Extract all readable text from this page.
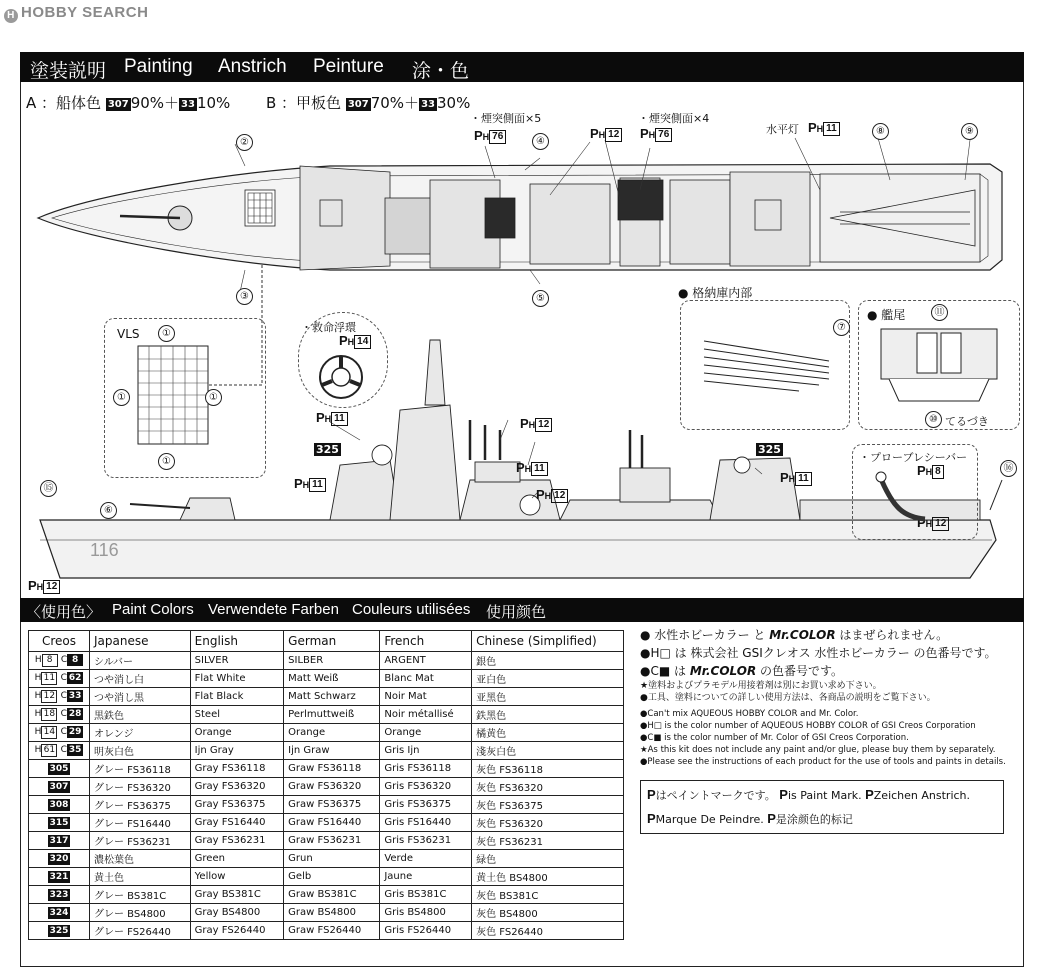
H HOBBY SEARCH
塗装説明 Painting Anstrich Peinture 涂・色
A ：船体色 307 90%＋ 33 10% B ：甲板色 307 70%＋ 33 30%
②
③
④
⑤
⑧	⑨
・煙突側面×5	・煙突側面×4
水平灯 PH 11
PH 76	PH 12 PH 76
● 格納庫内部
VLS	①
①	①
①
・救命浮環
PH 14
⑦
● 艦尾	⑪
⑩ てるづき
・プローブレシーバー
PH 8
PH 12
⑮
⑯
⑥
116
325	325
PH 11
PH 11
PH 12
PH 11
PH 12
PH 11
PH 12
〈使用色〉 Paint Colors Verwendete Farben Couleurs utilisées 使用颜色
Creos	Japanese	English	German	French	Chinese (Simplified)
H 8 C 8	シルバー	SILVER	SILBER	ARGENT	銀色
H 11 C 62	つや消し白	Flat White	Matt Weiß	Blanc Mat	亚白色
H 12 C 33	つや消し黒	Flat Black	Matt Schwarz	Noir Mat	亚黑色
H 18 C 28	黒鉄色	Steel	Perlmuttweiß	Noir métallisé	鉄黑色
H 14 C 29	オレンジ	Orange	Orange	Orange	橘黄色
H 61 C 35	明灰白色	Ijn Gray	Ijn Graw	Gris Ijn	淺灰白色
305	グレー FS36118	Gray FS36118	Graw FS36118	Gris FS36118	灰色 FS36118
307	グレー FS36320	Gray FS36320	Graw FS36320	Gris FS36320	灰色 FS36320
308	グレー FS36375	Gray FS36375	Graw FS36375	Gris FS36375	灰色 FS36375
315	グレー FS16440	Gray FS16440	Graw FS16440	Gris FS16440	灰色 FS36320
317	グレー FS36231	Gray FS36231	Graw FS36231	Gris FS36231	灰色 FS36231
320	濃松葉色	Green	Grun	Verde	緑色
321	黄土色	Yellow	Gelb	Jaune	黄土色 BS4800
323	グレー BS381C	Gray BS381C	Graw BS381C	Gris BS381C	灰色 BS381C
324	グレー BS4800	Gray BS4800	Graw BS4800	Gris BS4800	灰色 BS4800
325	グレー FS26440	Gray FS26440	Graw FS26440	Gris FS26440	灰色 FS26440
● 水性ホビーカラー と Mr.COLOR はまぜられません。
●H□ は 株式会社 GSIクレオス 水性ホビーカラー の色番号です。
●C■ は Mr.COLOR の色番号です。
★塗料およびプラモデル用接着剤は別にお買い求め下さい。
●工具、塗料についての詳しい使用方法は、各商品の説明をご覧下さい。
●Can't mix AQUEOUS HOBBY COLOR and Mr. Color.
●H□ is the color number of AQUEOUS HOBBY COLOR of GSI Creos Corporation
●C■ is the color number of Mr. Color of GSI Creos Corporation.
★As this kit does not include any paint and/or glue, please buy them by separately.
●Please see the instructions of each product for the use of tools and paints in details.
Pはペイントマークです。 Pis Paint Mark. PZeichen Anstrich.
PMarque De Peindre. P是涂颜色的标记
